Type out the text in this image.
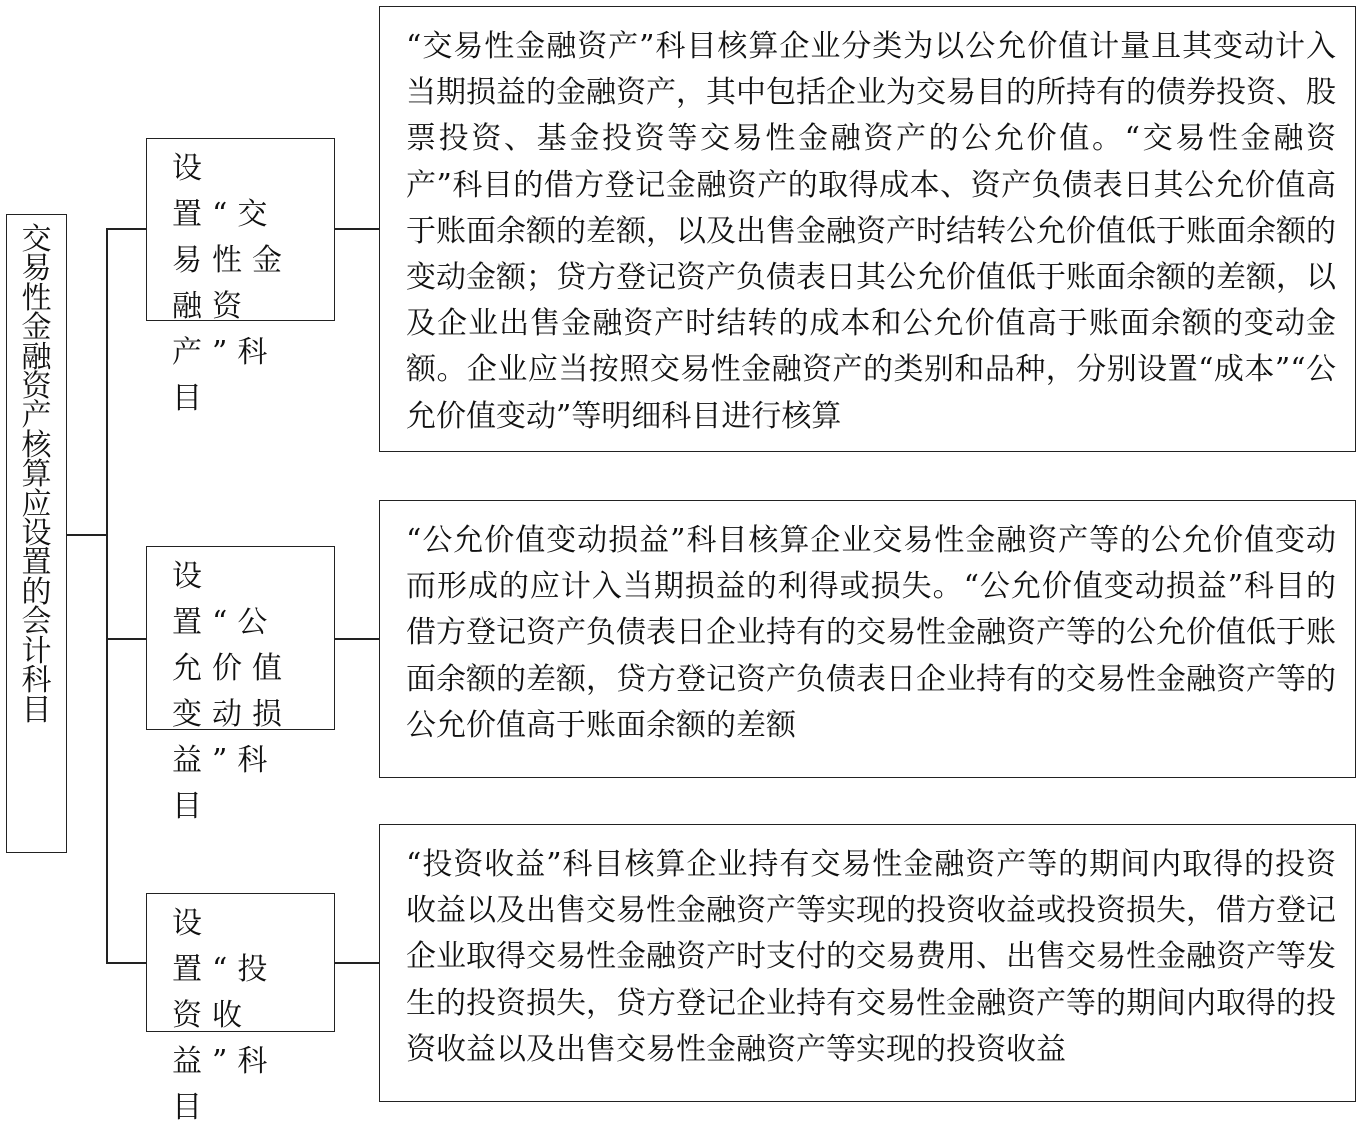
交易性金融资产核算应设置的会计科目
设置“交易性金融资产”科目
“交易性金融资产”科目核算企业分类为以公允价值计量且其变动计入当期损益的金融资产，其中包括企业为交易目的所持有的债券投资、股票投资、基金投资等交易性金融资产的公允价值。“交易性金融资产”科目的借方登记金融资产的取得成本、资产负债表日其公允价值高于账面余额的差额，以及出售金融资产时结转公允价值低于账面余额的变动金额；贷方登记资产负债表日其公允价值低于账面余额的差额，以及企业出售金融资产时结转的成本和公允价值高于账面余额的变动金额。企业应当按照交易性金融资产的类别和品种，分别设置“成本”“公允价值变动”等明细科目进行核算
设置“公允价值变动损益”科目
“公允价值变动损益”科目核算企业交易性金融资产等的公允价值变动而形成的应计入当期损益的利得或损失。“公允价值变动损益”科目的借方登记资产负债表日企业持有的交易性金融资产等的公允价值低于账面余额的差额，贷方登记资产负债表日企业持有的交易性金融资产等的公允价值高于账面余额的差额
设置“投资收益”科目
“投资收益”科目核算企业持有交易性金融资产等的期间内取得的投资收益以及出售交易性金融资产等实现的投资收益或投资损失，借方登记企业取得交易性金融资产时支付的交易费用、出售交易性金融资产等发生的投资损失，贷方登记企业持有交易性金融资产等的期间内取得的投资收益以及出售交易性金融资产等实现的投资收益
